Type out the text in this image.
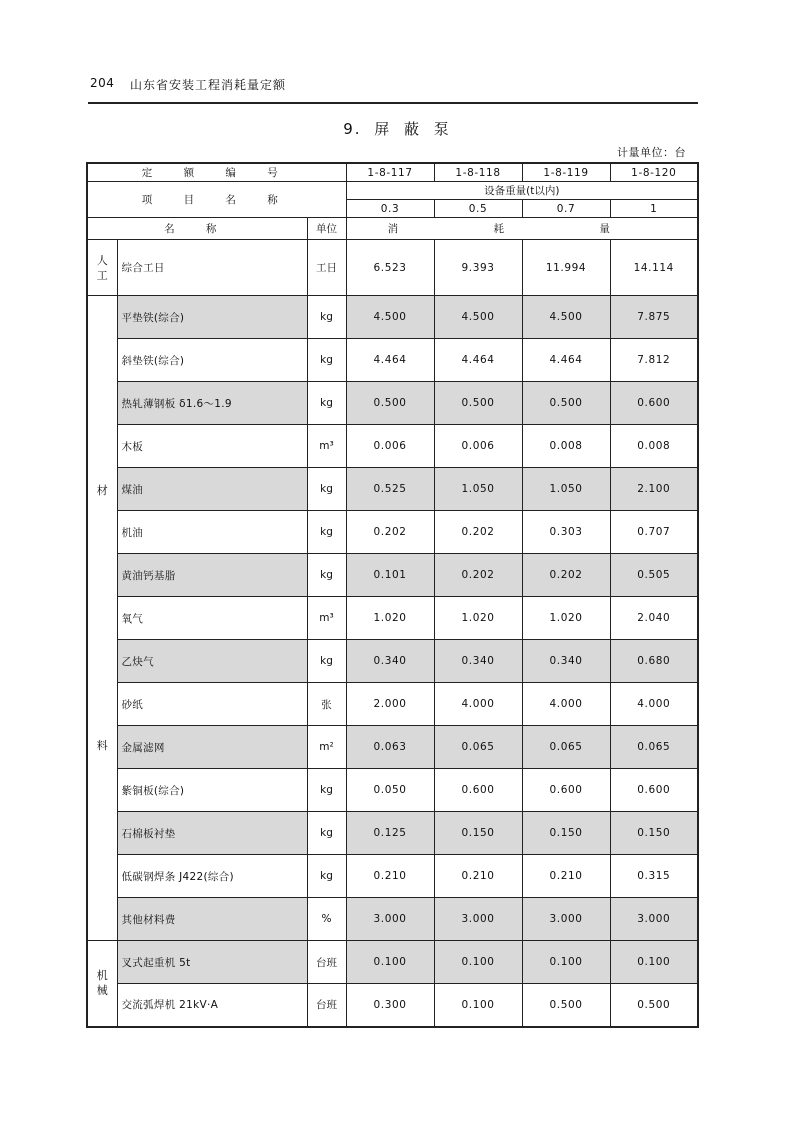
204 山东省安装工程消耗量定额
9. 屏 蔽 泵
计量单位：台
定 额 编 号			1-8-117	1-8-118	1-8-119	1-8-120
项 目 名 称			设备重量(t以内)			
			0.3	0.5	0.7	1
名 称		单位	消 耗 量			

人
工	综合工日	工日	6.523	9.393	11.994	14.114

材
料	平垫铁(综合)	kg	4.500	4.500	4.500	7.875
	斜垫铁(综合)	kg	4.464	4.464	4.464	7.812
	热轧薄钢板 δ1.6～1.9	kg	0.500	0.500	0.500	0.600
	木板	m³	0.006	0.006	0.008	0.008
	煤油	kg	0.525	1.050	1.050	2.100
	机油	kg	0.202	0.202	0.303	0.707
	黄油钙基脂	kg	0.101	0.202	0.202	0.505
	氧气	m³	1.020	1.020	1.020	2.040
	乙炔气	kg	0.340	0.340	0.340	0.680
	砂纸	张	2.000	4.000	4.000	4.000
	金属滤网	m²	0.063	0.065	0.065	0.065
	紫铜板(综合)	kg	0.050	0.600	0.600	0.600
	石棉板衬垫	kg	0.125	0.150	0.150	0.150
	低碳钢焊条 J422(综合)	kg	0.210	0.210	0.210	0.315
	其他材料费	%	3.000	3.000	3.000	3.000

机
械	叉式起重机 5t	台班	0.100	0.100	0.100	0.100
	交流弧焊机 21kV·A	台班	0.300	0.100	0.500	0.500
